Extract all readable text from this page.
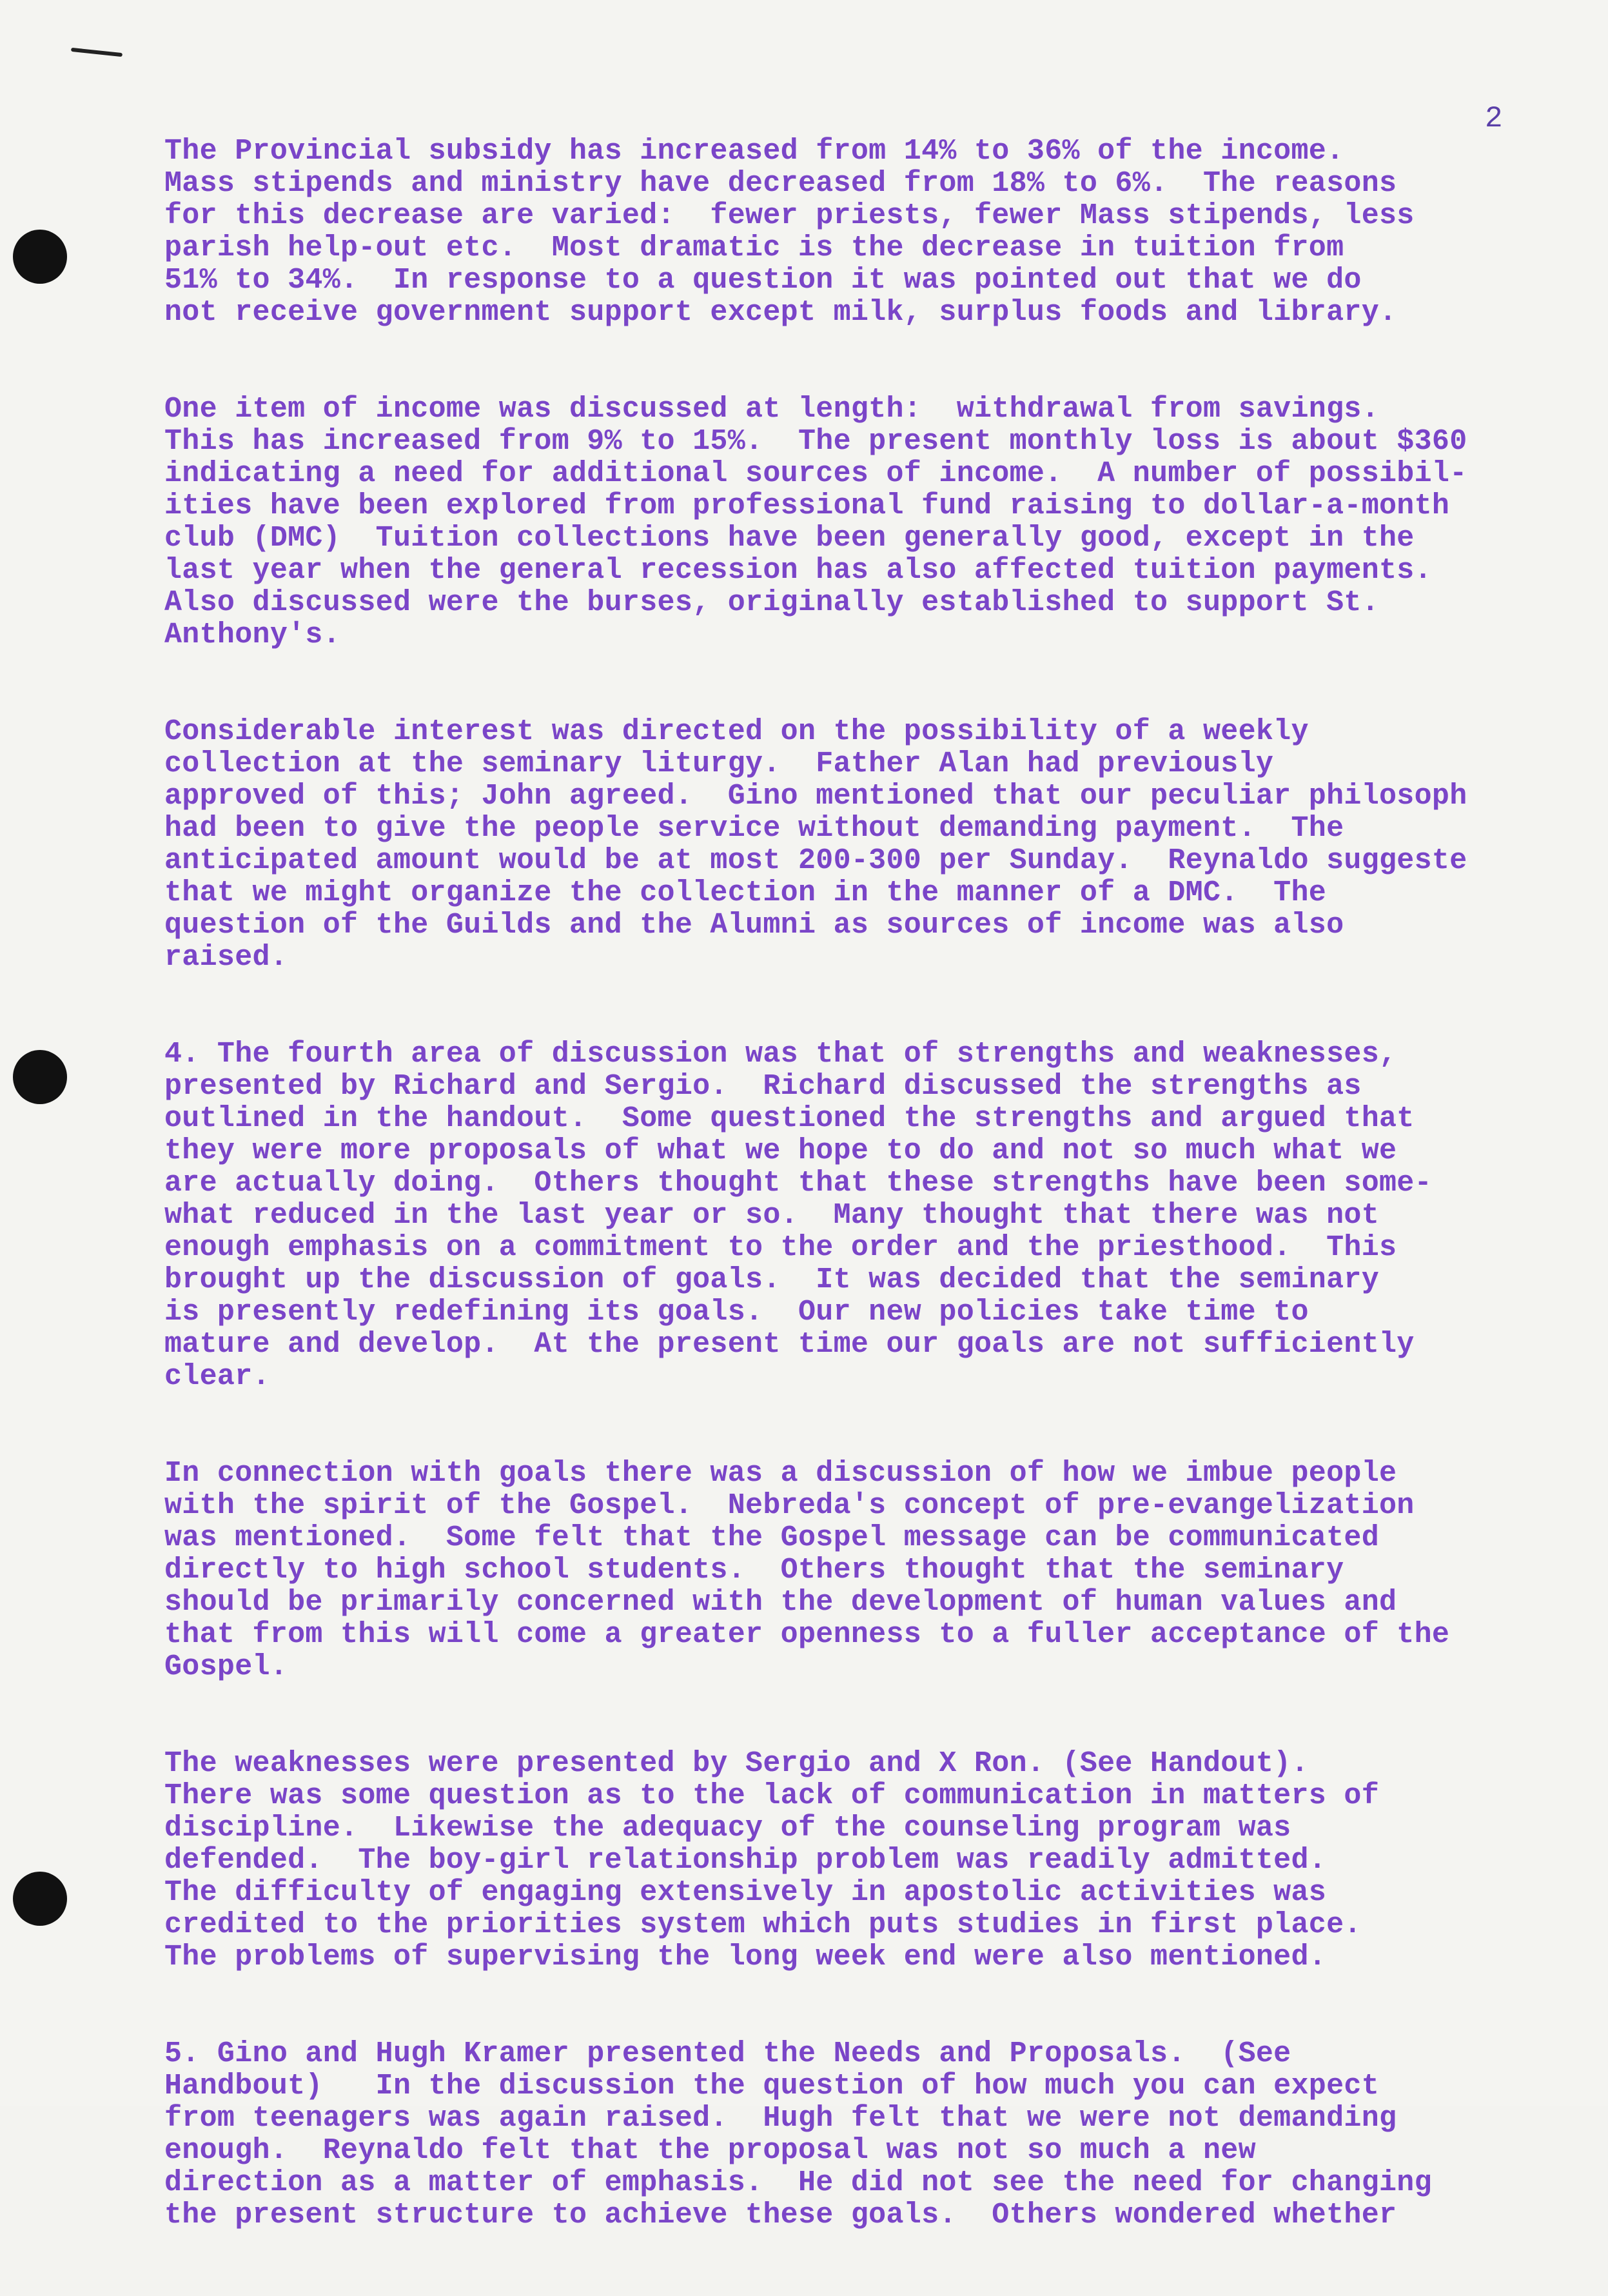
2
The Provincial subsidy has increased from 14% to 36% of the income.
Mass stipends and ministry have decreased from 18% to 6%.  The reasons
for this decrease are varied:  fewer priests, fewer Mass stipends, less
parish help-out etc.  Most dramatic is the decrease in tuition from
51% to 34%.  In response to a question it was pointed out that we do
not receive government support except milk, surplus foods and library.
One item of income was discussed at length:  withdrawal from savings.
This has increased from 9% to 15%.  The present monthly loss is about $360
indicating a need for additional sources of income.  A number of possibil-
ities have been explored from professional fund raising to dollar-a-month
club (DMC)  Tuition collections have been generally good, except in the
last year when the general recession has also affected tuition payments.
Also discussed were the burses, originally established to support St.
Anthony's.
Considerable interest was directed on the possibility of a weekly
collection at the seminary liturgy.  Father Alan had previously
approved of this; John agreed.  Gino mentioned that our peculiar philosoph
had been to give the people service without demanding payment.  The
anticipated amount would be at most 200-300 per Sunday.  Reynaldo suggeste
that we might organize the collection in the manner of a DMC.  The
question of the Guilds and the Alumni as sources of income was also
raised.
4. The fourth area of discussion was that of strengths and weaknesses,
presented by Richard and Sergio.  Richard discussed the strengths as
outlined in the handout.  Some questioned the strengths and argued that
they were more proposals of what we hope to do and not so much what we
are actually doing.  Others thought that these strengths have been some-
what reduced in the last year or so.  Many thought that there was not
enough emphasis on a commitment to the order and the priesthood.  This
brought up the discussion of goals.  It was decided that the seminary
is presently redefining its goals.  Our new policies take time to
mature and develop.  At the present time our goals are not sufficiently
clear.
In connection with goals there was a discussion of how we imbue people
with the spirit of the Gospel.  Nebreda's concept of pre-evangelization
was mentioned.  Some felt that the Gospel message can be communicated
directly to high school students.  Others thought that the seminary
should be primarily concerned with the development of human values and
that from this will come a greater openness to a fuller acceptance of the
Gospel.
The weaknesses were presented by Sergio and X Ron. (See Handout).
There was some question as to the lack of communication in matters of
discipline.  Likewise the adequacy of the counseling program was
defended.  The boy-girl relationship problem was readily admitted.
The difficulty of engaging extensively in apostolic activities was
credited to the priorities system which puts studies in first place.
The problems of supervising the long week end were also mentioned.
5. Gino and Hugh Kramer presented the Needs and Proposals.  (See
Handbout)   In the discussion the question of how much you can expect
from teenagers was again raised.  Hugh felt that we were not demanding
enough.  Reynaldo felt that the proposal was not so much a new
direction as a matter of emphasis.  He did not see the need for changing
the present structure to achieve these goals.  Others wondered whether
